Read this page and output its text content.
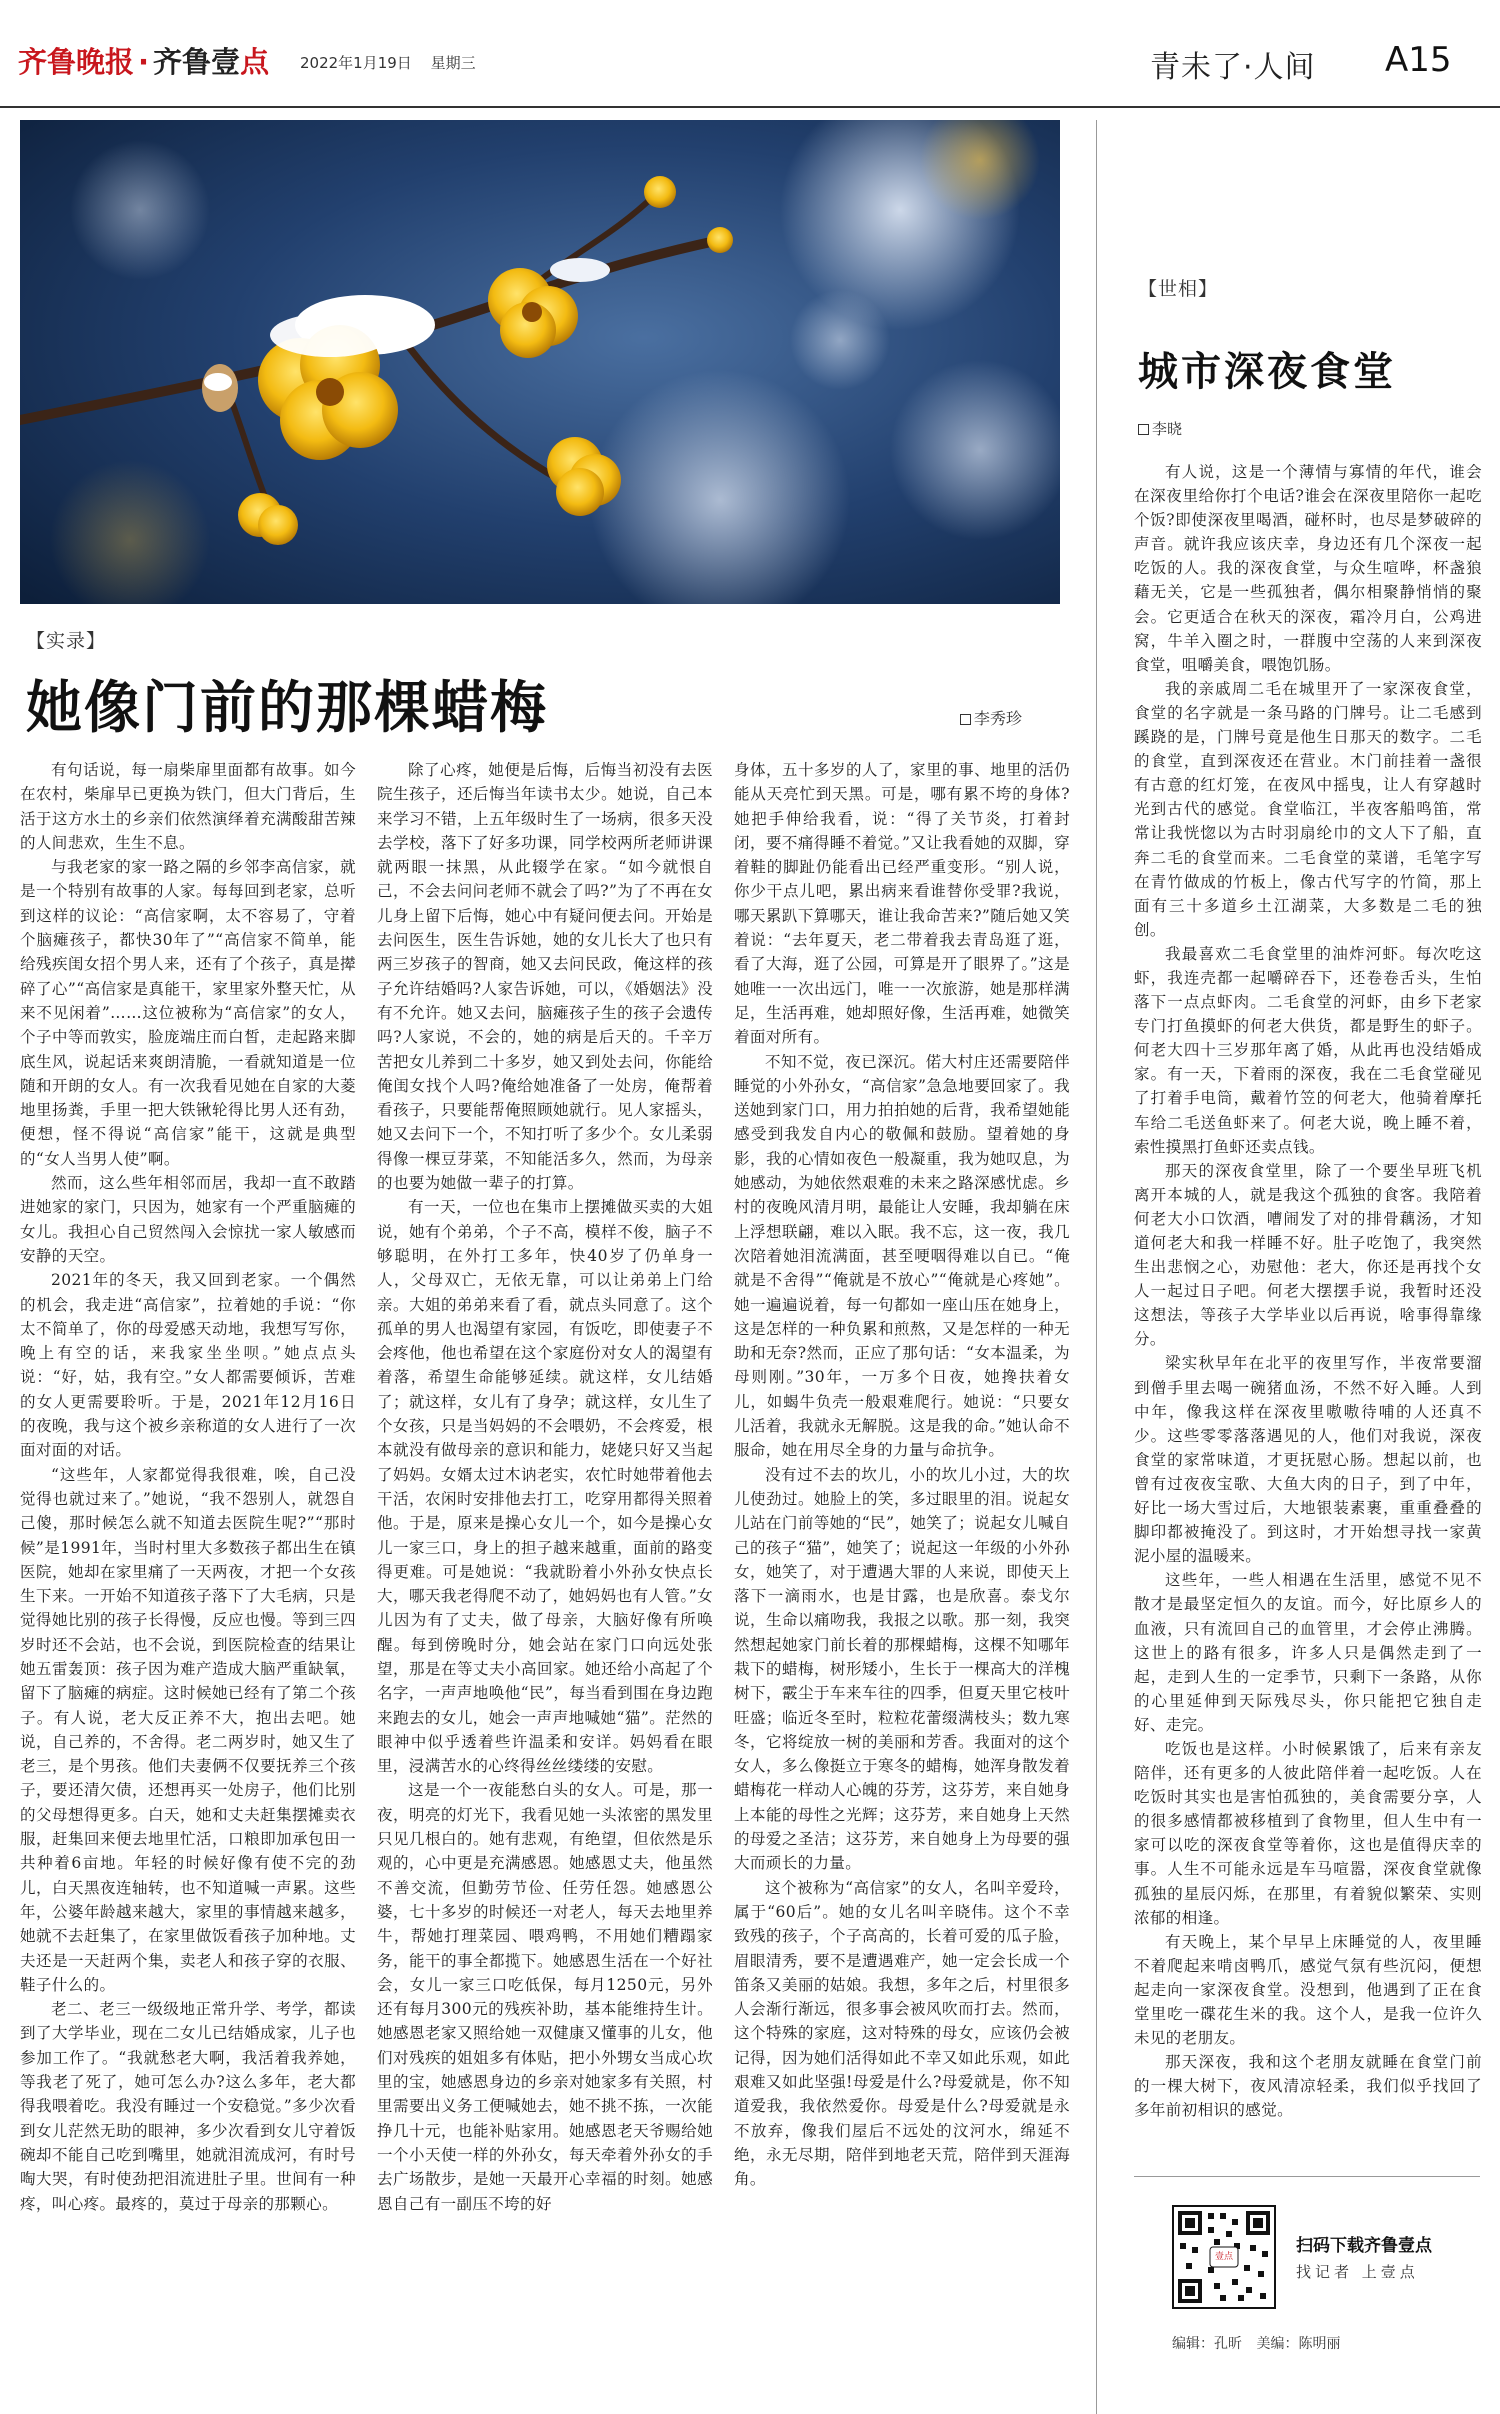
齐鲁晚报 · 齐鲁壹点 2022年1月19日 星期三	青未了·人间 A15
【实录】
她像门前的那棵蜡梅	李秀珍

有句话说，每一扇柴扉里面都有故事。如今在农村，柴扉早已更换为铁门，但大门背后，生活于这方水土的乡亲们依然演绎着充满酸甜苦辣的人间悲欢，生生不息。

与我老家的家一路之隔的乡邻李高信家，就是一个特别有故事的人家。每每回到老家，总听到这样的议论：“高信家啊，太不容易了，守着个脑瘫孩子，都快30年了”“高信家不简单，能给残疾闺女招个男人来，还有了个孩子，真是撵碎了心”“高信家是真能干，家里家外整天忙，从来不见闲着”……这位被称为“高信家”的女人，个子中等而敦实，脸庞端庄而白皙，走起路来脚底生风，说起话来爽朗清脆，一看就知道是一位随和开朗的女人。有一次我看见她在自家的大菱地里扬粪，手里一把大铁锹轮得比男人还有劲，便想，怪不得说“高信家”能干，这就是典型的“女人当男人使”啊。

然而，这么些年相邻而居，我却一直不敢踏进她家的家门，只因为，她家有一个严重脑瘫的女儿。我担心自己贸然闯入会惊扰一家人敏感而安静的天空。

2021年的冬天，我又回到老家。一个偶然的机会，我走进“高信家”，拉着她的手说：“你太不简单了，你的母爱感天动地，我想写写你，晚上有空的话，来我家坐坐呗。”她点点头说：“好，姑，我有空。”女人都需要倾诉，苦难的女人更需要聆听。于是，2021年12月16日的夜晚，我与这个被乡亲称道的女人进行了一次面对面的对话。

“这些年，人家都觉得我很难，唉，自己没觉得也就过来了。”她说，“我不怨别人，就怨自己傻，那时候怎么就不知道去医院生呢?”“那时候”是1991年，当时村里大多数孩子都出生在镇医院，她却在家里痛了一天两夜，才把一个女孩生下来。一开始不知道孩子落下了大毛病，只是觉得她比别的孩子长得慢，反应也慢。等到三四岁时还不会站，也不会说，到医院检查的结果让她五雷轰顶：孩子因为难产造成大脑严重缺氧，留下了脑瘫的病症。这时候她已经有了第二个孩子。有人说，老大反正养不大，抱出去吧。她说，自己养的，不舍得。老二两岁时，她又生了老三，是个男孩。他们夫妻俩不仅要抚养三个孩子，要还清欠债，还想再买一处房子，他们比别的父母想得更多。白天，她和丈夫赶集摆摊卖衣服，赶集回来便去地里忙活，口粮即加承包田一共种着6亩地。年轻的时候好像有使不完的劲儿，白天黑夜连轴转，也不知道喊一声累。这些年，公婆年龄越来越大，家里的事情越来越多，她就不去赶集了，在家里做饭看孩子加种地。丈夫还是一天赶两个集，卖老人和孩子穿的衣服、鞋子什么的。

老二、老三一级级地正常升学、考学，都读到了大学毕业，现在二女儿已结婚成家，儿子也参加工作了。“我就愁老大啊，我活着我养她，等我老了死了，她可怎么办?这么多年，老大都得我喂着吃。我没有睡过一个安稳觉。”多少次看到女儿茫然无助的眼神，多少次看到女儿守着饭碗却不能自己吃到嘴里，她就泪流成河，有时号啕大哭，有时使劲把泪流进肚子里。世间有一种疼，叫心疼。最疼的，莫过于母亲的那颗心。

除了心疼，她便是后悔，后悔当初没有去医院生孩子，还后悔当年读书太少。她说，自己本来学习不错，上五年级时生了一场病，很多天没去学校，落下了好多功课，同学校两所老师讲课就两眼一抹黑，从此辍学在家。“如今就恨自己，不会去问问老师不就会了吗?”为了不再在女儿身上留下后悔，她心中有疑问便去问。开始是去问医生，医生告诉她，她的女儿长大了也只有两三岁孩子的智商，她又去问民政，俺这样的孩子允许结婚吗?人家告诉她，可以，《婚姻法》没有不允许。她又去问，脑瘫孩子生的孩子会遗传吗?人家说，不会的，她的病是后天的。千辛万苦把女儿养到二十多岁，她又到处去问，你能给俺闺女找个人吗?俺给她准备了一处房，俺帮着看孩子，只要能帮俺照顾她就行。见人家摇头，她又去问下一个，不知打听了多少个。女儿柔弱得像一棵豆芽菜，不知能活多久，然而，为母亲的也要为她做一辈子的打算。

有一天，一位也在集市上摆摊做买卖的大姐说，她有个弟弟，个子不高，模样不俊，脑子不够聪明，在外打工多年，快40岁了仍单身一人，父母双亡，无依无靠，可以让弟弟上门给亲。大姐的弟弟来看了看，就点头同意了。这个孤单的男人也渴望有家园，有饭吃，即使妻子不会疼他，他也希望在这个家庭份对女人的渴望有着落，希望生命能够延续。就这样，女儿结婚了；就这样，女儿有了身孕；就这样，女儿生了个女孩，只是当妈妈的不会喂奶，不会疼爱，根本就没有做母亲的意识和能力，姥姥只好又当起了妈妈。女婿太过木讷老实，农忙时她带着他去干活，农闲时安排他去打工，吃穿用都得关照着他。于是，原来是操心女儿一个，如今是操心女儿一家三口，身上的担子越来越重，面前的路变得更难。可是她说：“我就盼着小外孙女快点长大，哪天我老得爬不动了，她妈妈也有人管。”女儿因为有了丈夫，做了母亲，大脑好像有所唤醒。每到傍晚时分，她会站在家门口向远处张望，那是在等丈夫小高回家。她还给小高起了个名字，一声声地唤他“民”，每当看到围在身边跑来跑去的女儿，她会一声声地喊她“猫”。茫然的眼神中似乎透着些许温柔和安详。妈妈看在眼里，浸满苦水的心终得丝丝缕缕的安慰。

这是一个一夜能愁白头的女人。可是，那一夜，明亮的灯光下，我看见她一头浓密的黑发里只见几根白的。她有悲观，有绝望，但依然是乐观的，心中更是充满感恩。她感恩丈夫，他虽然不善交流，但勤劳节俭、任劳任怨。她感恩公婆，七十多岁的时候还一对老人，每天去地里养牛，帮她打理菜园、喂鸡鸭，不用她们糟蹋家务，能干的事全都揽下。她感恩生活在一个好社会，女儿一家三口吃低保，每月1250元，另外还有每月300元的残疾补助，基本能维持生计。她感恩老家又照给她一双健康又懂事的儿女，他们对残疾的姐姐多有体贴，把小外甥女当成心坎里的宝，她感恩身边的乡亲对她家多有关照，村里需要出义务工便喊她去，她不挑不拣，一次能挣几十元，也能补贴家用。她感恩老天爷赐给她一个小天使一样的外孙女，每天牵着外孙女的手去广场散步，是她一天最开心幸福的时刻。她感恩自己有一副压不垮的好

身体，五十多岁的人了，家里的事、地里的活仍能从天亮忙到天黑。可是，哪有累不垮的身体?她把手伸给我看，说：“得了关节炎，打着封闭，要不痛得睡不着觉。”又让我看她的双脚，穿着鞋的脚趾仍能看出已经严重变形。“别人说，你少干点儿吧，累出病来看谁替你受罪?我说，哪天累趴下算哪天，谁让我命苦来?”随后她又笑着说：“去年夏天，老二带着我去青岛逛了逛，看了大海，逛了公园，可算是开了眼界了。”这是她唯一一次出远门，唯一一次旅游，她是那样满足，生活再难，她却照好像，生活再难，她微笑着面对所有。

不知不觉，夜已深沉。偌大村庄还需要陪伴睡觉的小外孙女，“高信家”急急地要回家了。我送她到家门口，用力拍拍她的后背，我希望她能感受到我发自内心的敬佩和鼓励。望着她的身影，我的心情如夜色一般凝重，我为她叹息，为她感动，为她依然艰难的未来之路深感忧虑。乡村的夜晚风清月明，最能让人安睡，我却躺在床上浮想联翩，难以入眠。我不忘，这一夜，我几次陪着她泪流满面，甚至哽咽得难以自已。“俺就是不舍得”“俺就是不放心”“俺就是心疼她”。她一遍遍说着，每一句都如一座山压在她身上，这是怎样的一种负累和煎熬，又是怎样的一种无助和无奈?然而，正应了那句话：“女本温柔，为母则刚。”30年，一万多个日夜，她搀扶着女儿，如蝎牛负壳一般艰难爬行。她说：“只要女儿活着，我就永无解脱。这是我的命。”她认命不服命，她在用尽全身的力量与命抗争。

没有过不去的坎儿，小的坎儿小过，大的坎儿使劲过。她脸上的笑，多过眼里的泪。说起女儿站在门前等她的“民”，她笑了；说起女儿喊自己的孩子“猫”，她笑了；说起这一年级的小外孙女，她笑了，对于遭遇大罪的人来说，即使天上落下一滴雨水，也是甘露，也是欣喜。泰戈尔说，生命以痛吻我，我报之以歌。那一刻，我突然想起她家门前长着的那棵蜡梅，这棵不知哪年栽下的蜡梅，树形矮小，生长于一棵高大的洋槐树下，霰尘于车来车往的四季，但夏天里它枝叶旺盛；临近冬至时，粒粒花蕾缀满枝头；数九寒冬，它将绽放一树的美丽和芳香。我面对的这个女人，多么像挺立于寒冬的蜡梅，她浑身散发着蜡梅花一样动人心魄的芬芳，这芬芳，来自她身上本能的母性之光辉；这芬芳，来自她身上天然的母爱之圣洁；这芬芳，来自她身上为母要的强大而顽长的力量。

这个被称为“高信家”的女人，名叫辛爱玲，属于“60后”。她的女儿名叫辛晓伟。这个不幸致残的孩子，个子高高的，长着可爱的瓜子脸，眉眼清秀，要不是遭遇难产，她一定会长成一个笛条又美丽的姑娘。我想，多年之后，村里很多人会渐行渐远，很多事会被风吹而打去。然而，这个特殊的家庭，这对特殊的母女，应该仍会被记得，因为她们活得如此不幸又如此乐观，如此艰难又如此坚强!母爱是什么?母爱就是，你不知道爱我，我依然爱你。母爱是什么?母爱就是永不放弃，像我们屋后不远处的汶河水，绵延不绝，永无尽期，陪伴到地老天荒，陪伴到天涯海角。

【世相】
城市深夜食堂
李晓

有人说，这是一个薄情与寡情的年代，谁会在深夜里给你打个电话?谁会在深夜里陪你一起吃个饭?即使深夜里喝酒，碰杯时，也尽是梦破碎的声音。就许我应该庆幸，身边还有几个深夜一起吃饭的人。我的深夜食堂，与众生喧哗，杯盏狼藉无关，它是一些孤独者，偶尔相聚静悄悄的聚会。它更适合在秋天的深夜，霜冷月白，公鸡进窝，牛羊入圈之时，一群腹中空荡的人来到深夜食堂，咀嚼美食，喂饱饥肠。

我的亲戚周二毛在城里开了一家深夜食堂，食堂的名字就是一条马路的门牌号。让二毛感到蹊跷的是，门牌号竟是他生日那天的数字。二毛的食堂，直到深夜还在营业。木门前挂着一盏很有古意的红灯笼，在夜风中摇曳，让人有穿越时光到古代的感觉。食堂临江，半夜客船鸣笛，常常让我恍惚以为古时羽扇纶巾的文人下了船，直奔二毛的食堂而来。二毛食堂的菜谱，毛笔字写在青竹做成的竹板上，像古代写字的竹简，那上面有三十多道乡土江湖菜，大多数是二毛的独创。

我最喜欢二毛食堂里的油炸河虾。每次吃这虾，我连壳都一起嚼碎吞下，还卷卷舌头，生怕落下一点点虾肉。二毛食堂的河虾，由乡下老家专门打鱼摸虾的何老大供货，都是野生的虾子。何老大四十三岁那年离了婚，从此再也没结婚成家。有一天，下着雨的深夜，我在二毛食堂碰见了打着手电筒，戴着竹笠的何老大，他骑着摩托车给二毛送鱼虾来了。何老大说，晚上睡不着，索性摸黑打鱼虾还卖点钱。

那天的深夜食堂里，除了一个要坐早班飞机离开本城的人，就是我这个孤独的食客。我陪着何老大小口饮酒，嘈闹发了对的排骨藕汤，才知道何老大和我一样睡不好。肚子吃饱了，我突然生出悲悯之心，劝慰他：老大，你还是再找个女人一起过日子吧。何老大摆摆手说，我暂时还没这想法，等孩子大学毕业以后再说，啥事得靠缘分。

梁实秋早年在北平的夜里写作，半夜常要溜到僧手里去喝一碗猪血汤，不然不好入睡。人到中年，像我这样在深夜里嗷嗷待哺的人还真不少。这些零零落落遇见的人，他们对我说，深夜食堂的家常味道，才更抚慰心肠。想起以前，也曾有过夜夜宝歌、大鱼大肉的日子，到了中年，好比一场大雪过后，大地银装素裹，重重叠叠的脚印都被掩没了。到这时，才开始想寻找一家黄泥小屋的温暖来。

这些年，一些人相遇在生活里，感觉不见不散才是最坚定恒久的友谊。而今，好比原乡人的血液，只有流回自己的血管里，才会停止沸腾。这世上的路有很多，许多人只是偶然走到了一起，走到人生的一定季节，只剩下一条路，从你的心里延伸到天际残尽头，你只能把它独自走好、走完。

吃饭也是这样。小时候累饿了，后来有亲友陪伴，还有更多的人彼此陪伴着一起吃饭。人在吃饭时其实也是害怕孤独的，美食需要分享，人的很多感情都被移植到了食物里，但人生中有一家可以吃的深夜食堂等着你，这也是值得庆幸的事。人生不可能永远是车马喧嚣，深夜食堂就像孤独的星辰闪烁，在那里，有着貌似繁荣、实则浓郁的相逢。

有天晚上，某个早早上床睡觉的人，夜里睡不着爬起来啃卤鸭爪，感觉气氛有些沉闷，便想起走向一家深夜食堂。没想到，他遇到了正在食堂里吃一碟花生米的我。这个人，是我一位许久未见的老朋友。

那天深夜，我和这个老朋友就睡在食堂门前的一棵大树下，夜风清凉轻柔，我们似乎找回了多年前初相识的感觉。

壹点
扫码下载齐鲁壹点
找记者 上壹点
编辑：孔昕 美编：陈明丽
